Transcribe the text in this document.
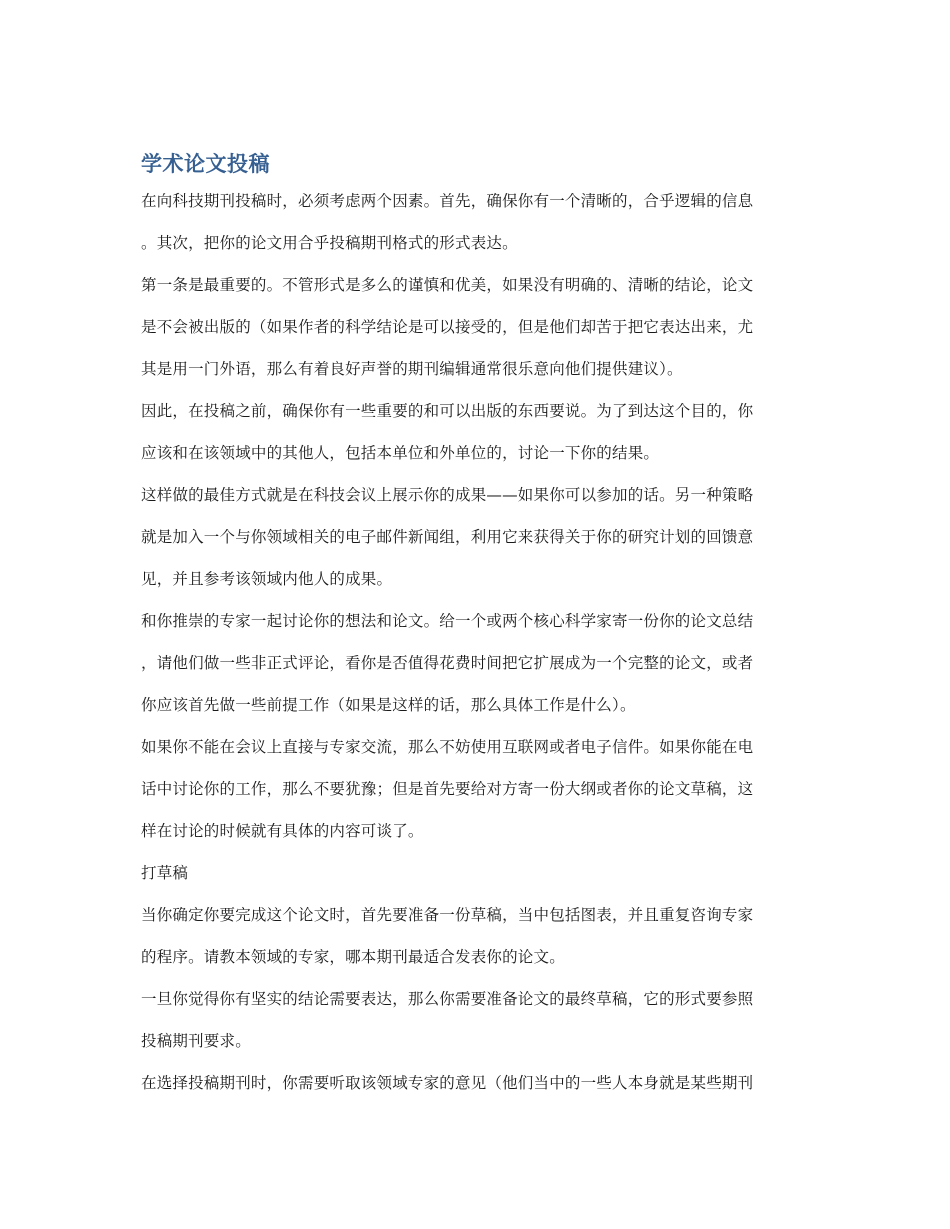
学术论文投稿

在向科技期刊投稿时，必须考虑两个因素。首先，确保你有一个清晰的，合乎逻辑的信息
。其次，把你的论文用合乎投稿期刊格式的形式表达。

第一条是最重要的。不管形式是多么的谨慎和优美，如果没有明确的、清晰的结论，论文
是不会被出版的（如果作者的科学结论是可以接受的，但是他们却苦于把它表达出来，尤
其是用一门外语，那么有着良好声誉的期刊编辑通常很乐意向他们提供建议）。

因此，在投稿之前，确保你有一些重要的和可以出版的东西要说。为了到达这个目的，你
应该和在该领域中的其他人，包括本单位和外单位的，讨论一下你的结果。

这样做的最佳方式就是在科技会议上展示你的成果——如果你可以参加的话。另一种策略
就是加入一个与你领域相关的电子邮件新闻组，利用它来获得关于你的研究计划的回馈意
见，并且参考该领域内他人的成果。

和你推崇的专家一起讨论你的想法和论文。给一个或两个核心科学家寄一份你的论文总结
，请他们做一些非正式评论，看你是否值得花费时间把它扩展成为一个完整的论文，或者
你应该首先做一些前提工作（如果是这样的话，那么具体工作是什么）。

如果你不能在会议上直接与专家交流，那么不妨使用互联网或者电子信件。如果你能在电
话中讨论你的工作，那么不要犹豫；但是首先要给对方寄一份大纲或者你的论文草稿，这
样在讨论的时候就有具体的内容可谈了。

打草稿

当你确定你要完成这个论文时，首先要准备一份草稿，当中包括图表，并且重复咨询专家
的程序。请教本领域的专家，哪本期刊最适合发表你的论文。

一旦你觉得你有坚实的结论需要表达，那么你需要准备论文的最终草稿，它的形式要参照
投稿期刊要求。

在选择投稿期刊时，你需要听取该领域专家的意见（他们当中的一些人本身就是某些期刊
